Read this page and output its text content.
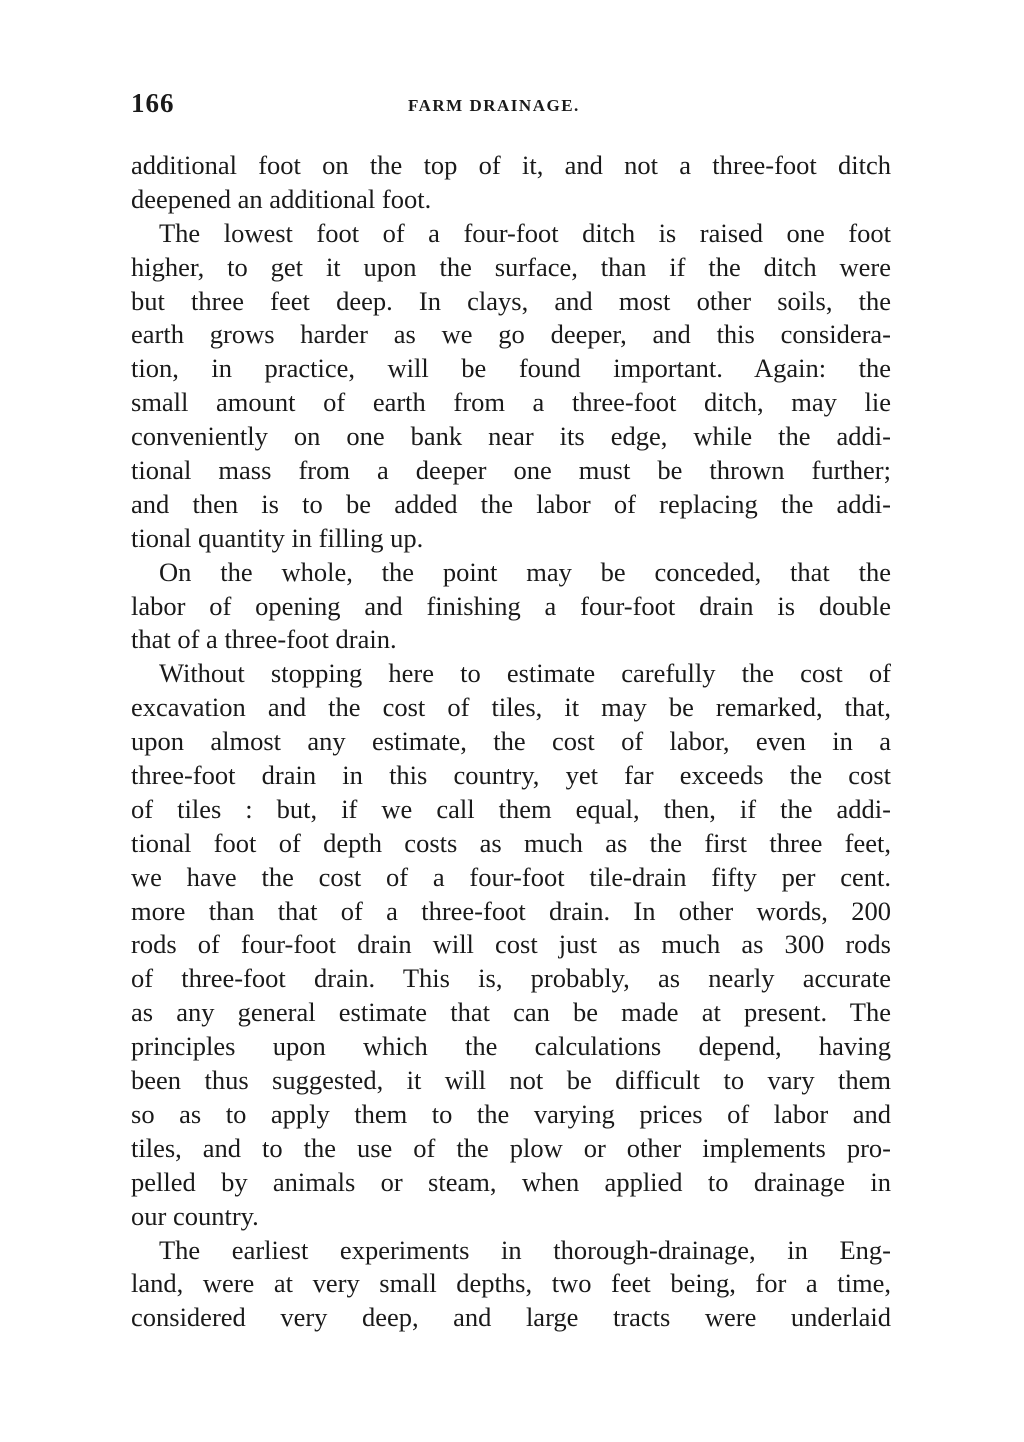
166	FARM DRAINAGE.
additional foot on the top of it, and not a three-foot ditch
deepened an additional foot.
The lowest foot of a four-foot ditch is raised one foot
higher, to get it upon the surface, than if the ditch were
but three feet deep. In clays, and most other soils, the
earth grows harder as we go deeper, and this considera-
tion, in practice, will be found important. Again: the
small amount of earth from a three-foot ditch, may lie
conveniently on one bank near its edge, while the addi-
tional mass from a deeper one must be thrown further;
and then is to be added the labor of replacing the addi-
tional quantity in filling up.
On the whole, the point may be conceded, that the
labor of opening and finishing a four-foot drain is double
that of a three-foot drain.
Without stopping here to estimate carefully the cost of
excavation and the cost of tiles, it may be remarked, that,
upon almost any estimate, the cost of labor, even in a
three-foot drain in this country, yet far exceeds the cost
of tiles : but, if we call them equal, then, if the addi-
tional foot of depth costs as much as the first three feet,
we have the cost of a four-foot tile-drain fifty per cent.
more than that of a three-foot drain. In other words, 200
rods of four-foot drain will cost just as much as 300 rods
of three-foot drain. This is, probably, as nearly accurate
as any general estimate that can be made at present. The
principles upon which the calculations depend, having
been thus suggested, it will not be difficult to vary them
so as to apply them to the varying prices of labor and
tiles, and to the use of the plow or other implements pro-
pelled by animals or steam, when applied to drainage in
our country.
The earliest experiments in thorough-drainage, in Eng-
land, were at very small depths, two feet being, for a time,
considered very deep, and large tracts were underlaid
